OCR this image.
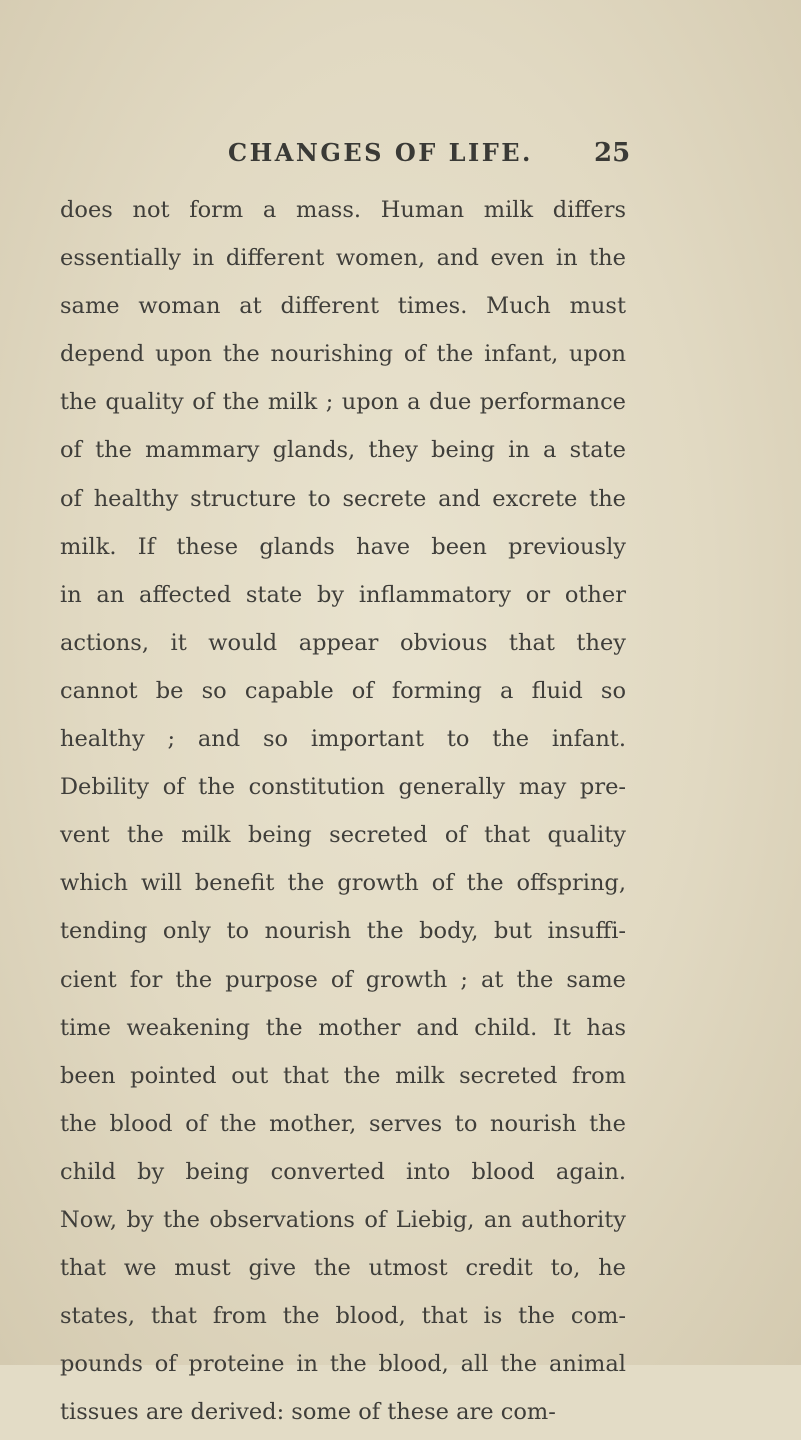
CHANGES OF LIFE. 25
does not form a mass. Human milk differs
essentially in different women, and even in the
same woman at different times. Much must
depend upon the nourishing of the infant, upon
the quality of the milk ; upon a due performance
of the mammary glands, they being in a state
of healthy structure to secrete and excrete the
milk. If these glands have been previously
in an affected state by inflammatory or other
actions, it would appear obvious that they
cannot be so capable of forming a fluid so
healthy ; and so important to the infant.
Debility of the constitution generally may pre-
vent the milk being secreted of that quality
which will benefit the growth of the offspring,
tending only to nourish the body, but insuffi-
cient for the purpose of growth ; at the same
time weakening the mother and child. It has
been pointed out that the milk secreted from
the blood of the mother, serves to nourish the
child by being converted into blood again.
Now, by the observations of Liebig, an authority
that we must give the utmost credit to, he
states, that from the blood, that is the com-
pounds of proteine in the blood, all the animal
tissues are derived: some of these are com-
